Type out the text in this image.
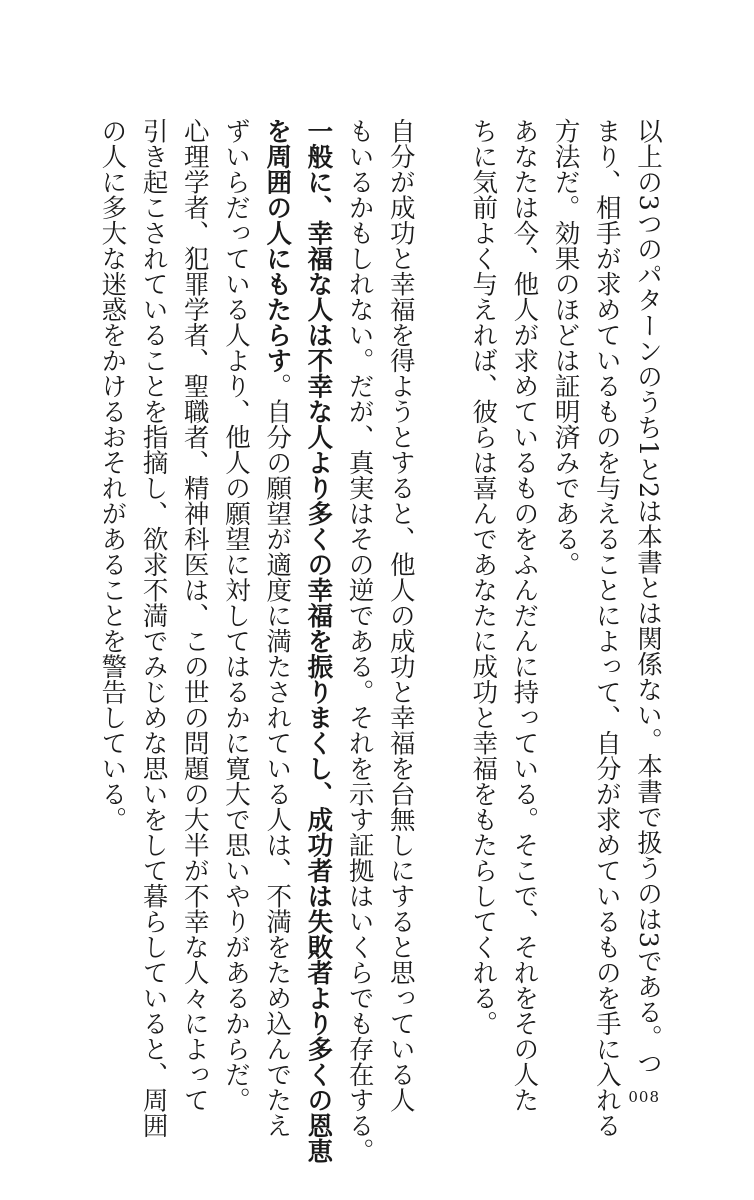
以上の3つのパターンのうち1と2は本書とは関係ない。本書で扱うのは3である。つ
まり、相手が求めているものを与えることによって、自分が求めているものを手に入れる
方法だ。効果のほどは証明済みである。
あなたは今、他人が求めているものをふんだんに持っている。そこで、それをその人た
ちに気前よく与えれば、彼らは喜んであなたに成功と幸福をもたらしてくれる。
自分が成功と幸福を得ようとすると、他人の成功と幸福を台無しにすると思っている人
もいるかもしれない。だが、真実はその逆である。それを示す証拠はいくらでも存在する。
一般に、幸福な人は不幸な人より多くの幸福を振りまくし、成功者は失敗者より多くの恩恵
を周囲の人にもたらす。自分の願望が適度に満たされている人は、不満をため込んでたえ
ずいらだっている人より、他人の願望に対してはるかに寛大で思いやりがあるからだ。
心理学者、犯罪学者、聖職者、精神科医は、この世の問題の大半が不幸な人々によって
引き起こされていることを指摘し、欲求不満でみじめな思いをして暮らしていると、周囲
の人に多大な迷惑をかけるおそれがあることを警告している。
008
